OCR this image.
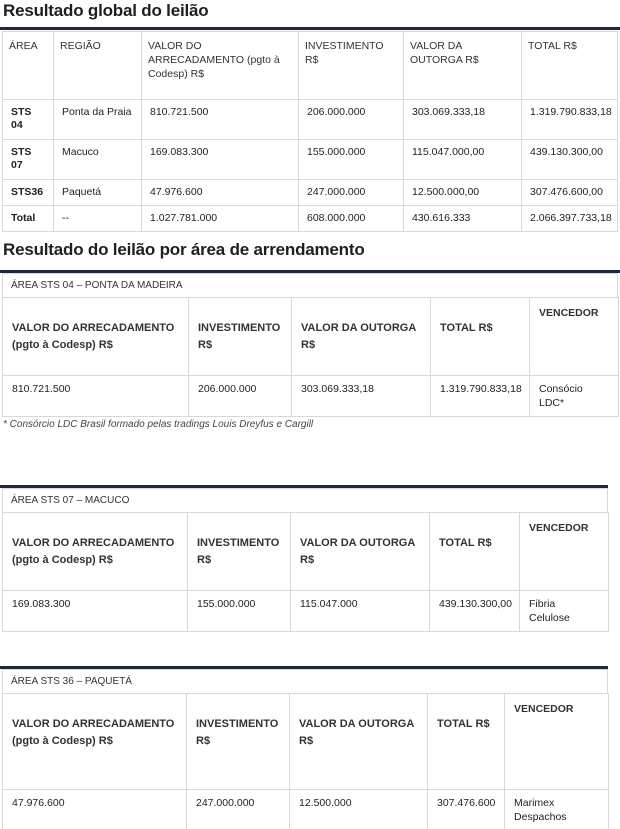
Resultado global do leilão
ÁREA	REGIÃO	VALOR DO ARRECADAMENTO (pgto à Codesp) R$	INVESTIMENTO R$	VALOR DA OUTORGA R$	TOTAL R$
STS 04	Ponta da Praia	810.721.500	206.000.000	303.069.333,18	1.319.790.833,18
STS 07	Macuco	169.083.300	155.000.000	115.047.000,00	439.130.300,00
STS36	Paquetá	47.976.600	247.000.000	12.500.000,00	307.476.600,00
Total	--	1.027.781.000	608.000.000	430.616.333	2.066.397.733,18
Resultado do leilão por área de arrendamento
ÁREA STS 04 – PONTA DA MADEIRA
VALOR DO ARRECADAMENTO (pgto à Codesp) R$	INVESTIMENTO R$	VALOR DA OUTORGA R$	TOTAL R$	VENCEDOR
810.721.500	206.000.000	303.069.333,18	1.319.790.833,18	Consócio LDC*
* Consórcio LDC Brasil formado pelas tradings Louis Dreyfus e Cargill
ÁREA STS 07 – MACUCO
VALOR DO ARRECADAMENTO (pgto à Codesp) R$	INVESTIMENTO R$	VALOR DA OUTORGA R$	TOTAL R$	VENCEDOR
169.083.300	155.000.000	115.047.000	439.130.300,00	Fibria Celulose
ÁREA STS 36 – PAQUETÁ
VALOR DO ARRECADAMENTO (pgto à Codesp) R$	INVESTIMENTO R$	VALOR DA OUTORGA R$	TOTAL R$	VENCEDOR
47.976.600	247.000.000	12.500.000	307.476.600	Marimex Despachos
